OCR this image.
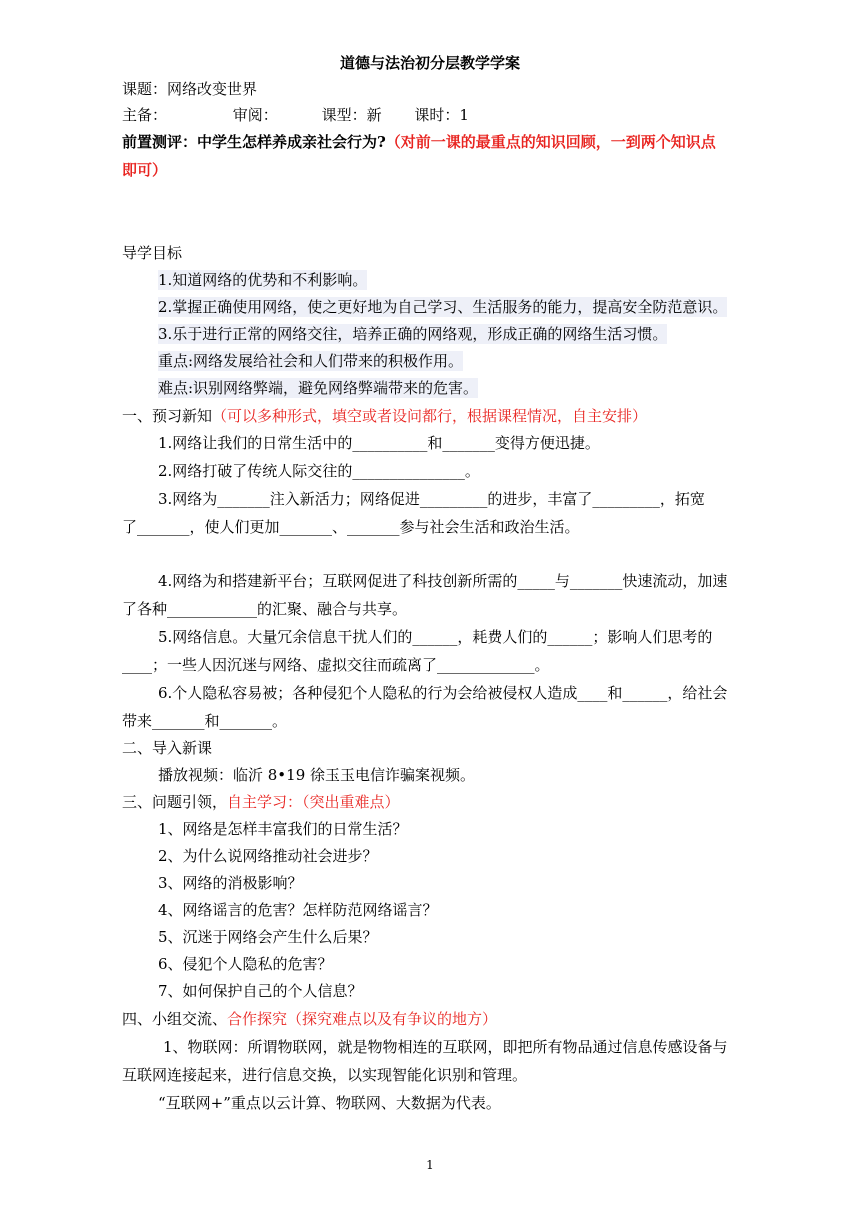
道德与法治初分层教学学案
课题：网络改变世界
主备：	审阅：	课型：新 课时：1
前置测评：中学生怎样养成亲社会行为?（对前一课的最重点的知识回顾，一到两个知识点
即可）
导学目标
1.知道网络的优势和不利影响。
2.掌握正确使用网络，使之更好地为自己学习、生活服务的能力，提高安全防范意识。
3.乐于进行正常的网络交往，培养正确的网络观，形成正确的网络生活习惯。
重点:网络发展给社会和人们带来的积极作用。
难点:识别网络弊端，避免网络弊端带来的危害。
一、预习新知（可以多种形式，填空或者设问都行，根据课程情况，自主安排）
1.网络让我们的日常生活中的__________和_______变得方便迅捷。
2.网络打破了传统人际交往的_______________。
3.网络为_______注入新活力；网络促进_________的进步，丰富了_________，拓宽
了_______，使人们更加_______、_______参与社会生活和政治生活。
4.网络为和搭建新平台；互联网促进了科技创新所需的_____与_______快速流动，加速
了各种____________的汇聚、融合与共享。
5.网络信息。大量冗余信息干扰人们的______，耗费人们的______；影响人们思考的
____；一些人因沉迷与网络、虚拟交往而疏离了_____________。
6.个人隐私容易被；各种侵犯个人隐私的行为会给被侵权人造成____和______，给社会
带来_______和_______。
二、导入新课
播放视频：临沂 8•19 徐玉玉电信诈骗案视频。
三、问题引领，自主学习：（突出重难点）
1、网络是怎样丰富我们的日常生活？
2、为什么说网络推动社会进步？
3、网络的消极影响？
4、网络谣言的危害？怎样防范网络谣言？
5、沉迷于网络会产生什么后果？
6、侵犯个人隐私的危害？
7、如何保护自己的个人信息？
四、小组交流、合作探究（探究难点以及有争议的地方）
1、物联网：所谓物联网，就是物物相连的互联网，即把所有物品通过信息传感设备与
互联网连接起来，进行信息交换，以实现智能化识别和管理。
“互联网+”重点以云计算、物联网、大数据为代表。
1
